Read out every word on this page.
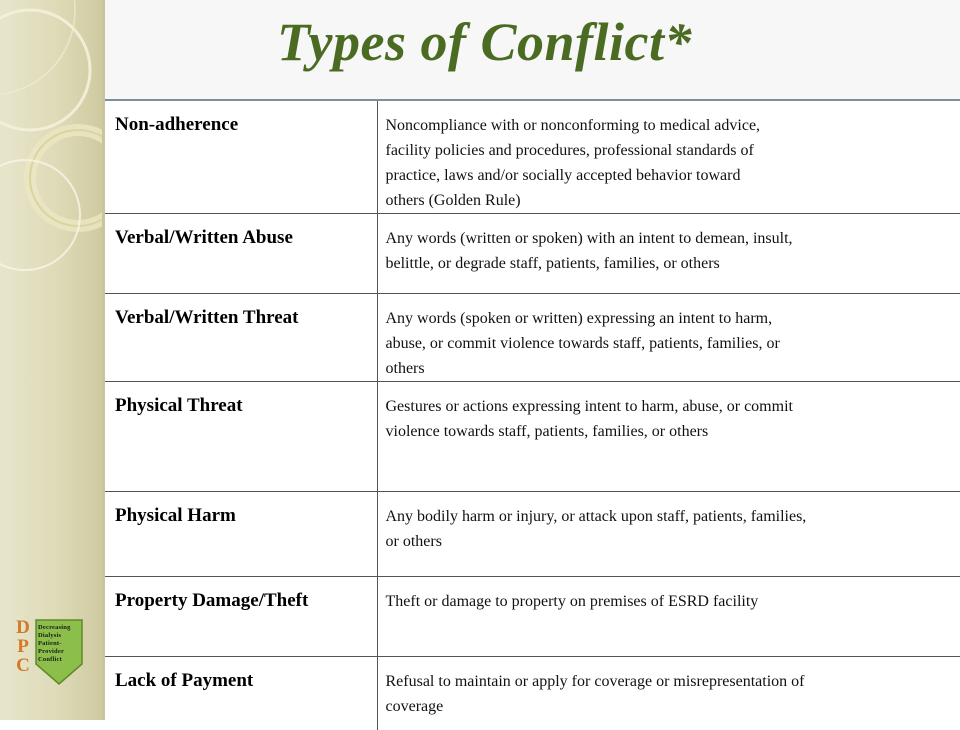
Types of Conflict*
Non-adherence	Noncompliance with or nonconforming to medical advice,
facility policies and procedures, professional standards of
practice, laws and/or socially accepted behavior toward
others (Golden Rule)

Verbal/Written Abuse	Any words (written or spoken) with an intent to demean, insult,
belittle, or degrade staff, patients, families, or others

Verbal/Written Threat	Any words (spoken or written) expressing an intent to harm,
abuse, or commit violence towards staff, patients, families, or
others

Physical Threat	Gestures or actions expressing intent to harm, abuse, or commit
violence towards staff, patients, families, or others

Physical Harm	Any bodily harm or injury, or attack upon staff, patients, families,
or others

Property Damage/Theft	Theft or damage to property on premises of ESRD facility

Lack of Payment	Refusal to maintain or apply for coverage or misrepresentation of
coverage
D
P
C
Decreasing
Dialysis
Patient-
Provider
Conflict
